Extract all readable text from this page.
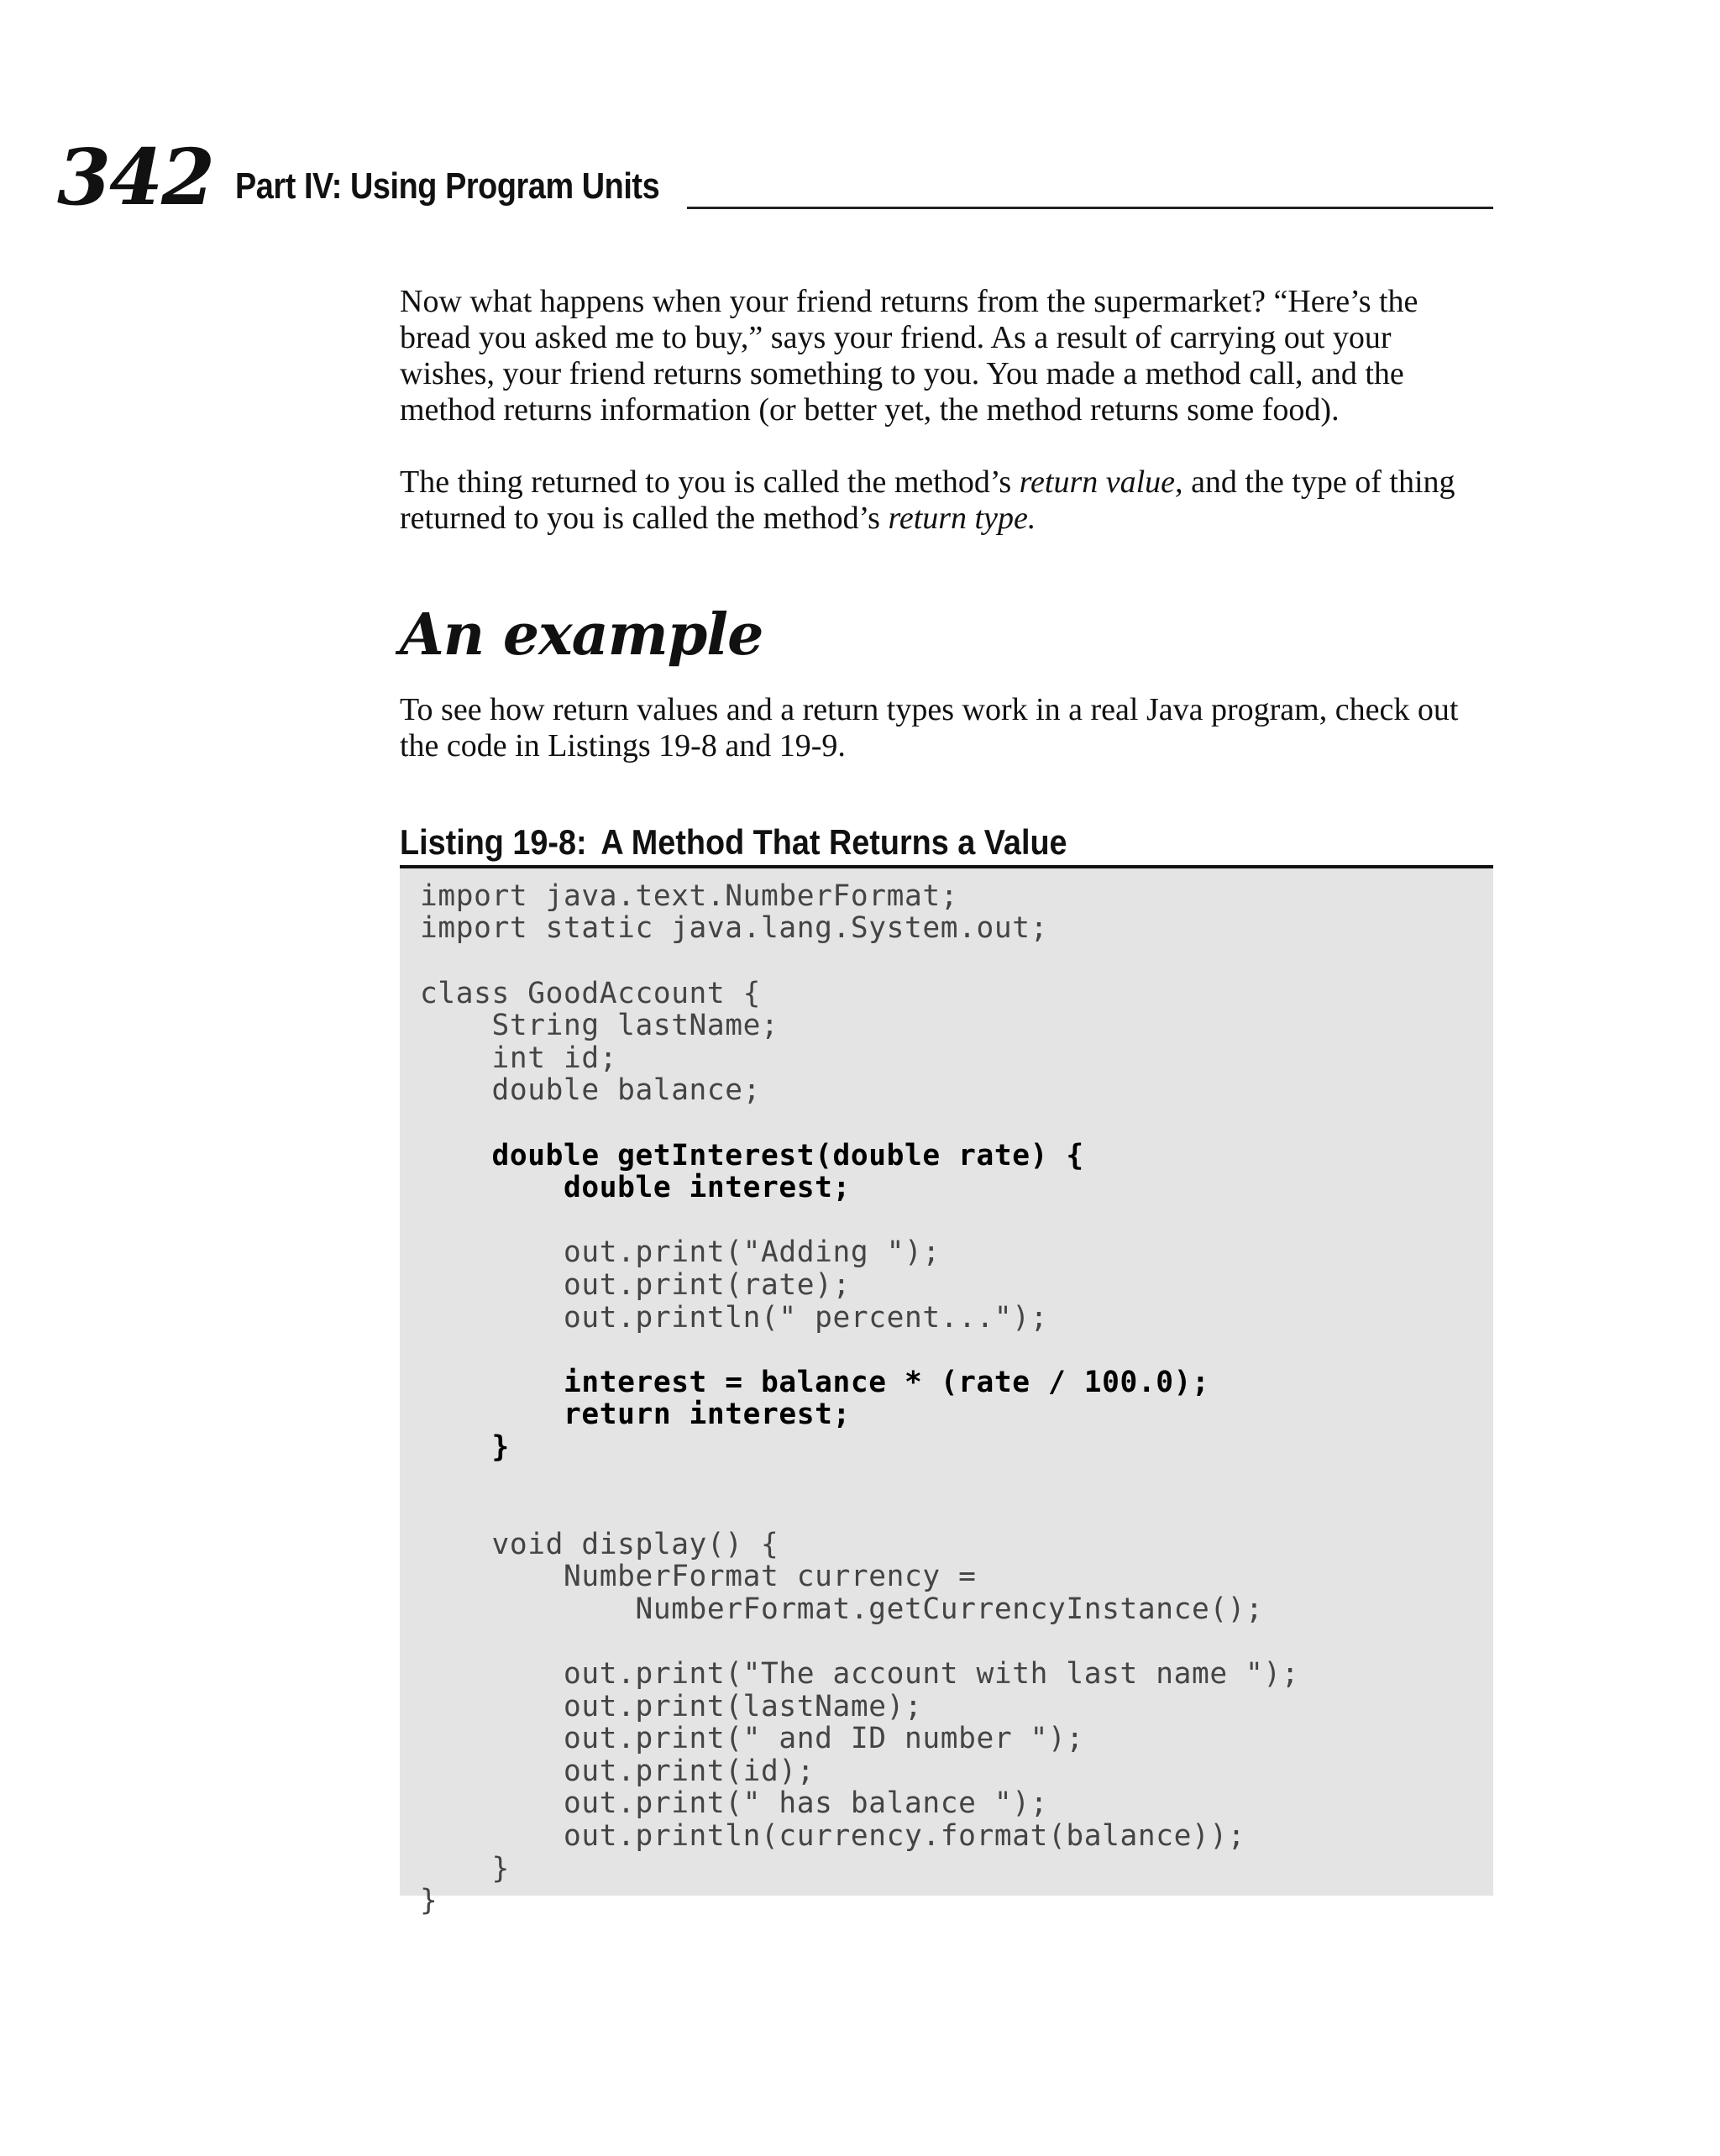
342 Part IV: Using Program Units

Now what happens when your friend returns from the supermarket? “Here’s the bread you asked me to buy,” says your friend. As a result of carrying out your wishes, your friend returns something to you. You made a method call, and the method returns information (or better yet, the method returns some food).

The thing returned to you is called the method’s return value, and the type of thing returned to you is called the method’s return type.

An example

To see how return values and a return types work in a real Java program, check out the code in Listings 19-8 and 19-9.

Listing 19-8: A Method That Returns a Value
import java.text.NumberFormat;
import static java.lang.System.out;
class GoodAccount {
String lastName;
int id;
double balance;
double getInterest(double rate) {
double interest;
out.print("Adding ");
out.print(rate);
out.println(" percent...");
interest = balance * (rate / 100.0);
return interest;
}
void display() {
NumberFormat currency =
NumberFormat.getCurrencyInstance();
out.print("The account with last name ");
out.print(lastName);
out.print(" and ID number ");
out.print(id);
out.print(" has balance ");
out.println(currency.format(balance));
}
}
